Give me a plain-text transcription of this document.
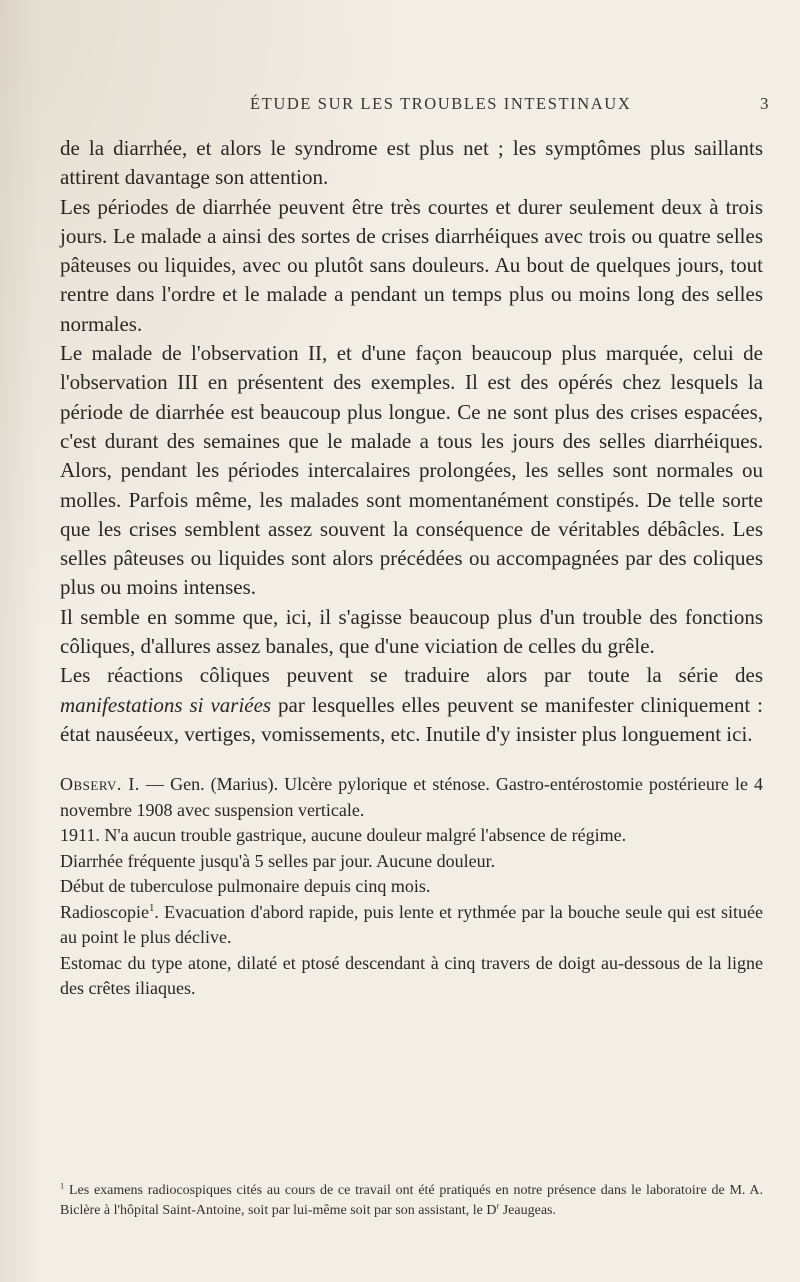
ÉTUDE SUR LES TROUBLES INTESTINAUX	3

de la diarrhée, et alors le syndrome est plus net ; les symptômes plus saillants attirent davantage son attention.

Les périodes de diarrhée peuvent être très courtes et durer seulement deux à trois jours. Le malade a ainsi des sortes de crises diarrhéiques avec trois ou quatre selles pâteuses ou liquides, avec ou plutôt sans douleurs. Au bout de quelques jours, tout rentre dans l'ordre et le malade a pendant un temps plus ou moins long des selles normales.

Le malade de l'observation II, et d'une façon beaucoup plus marquée, celui de l'observation III en présentent des exemples. Il est des opérés chez lesquels la période de diarrhée est beaucoup plus longue. Ce ne sont plus des crises espacées, c'est durant des semaines que le malade a tous les jours des selles diarrhéiques. Alors, pendant les périodes intercalaires prolongées, les selles sont normales ou molles. Parfois même, les malades sont momentanément constipés. De telle sorte que les crises semblent assez souvent la conséquence de véritables débâcles. Les selles pâteuses ou liquides sont alors précédées ou accompagnées par des coliques plus ou moins intenses.

Il semble en somme que, ici, il s'agisse beaucoup plus d'un trouble des fonctions côliques, d'allures assez banales, que d'une viciation de celles du grêle.

Les réactions côliques peuvent se traduire alors par toute la série des manifestations si variées par lesquelles elles peuvent se manifester cliniquement : état nauséeux, vertiges, vomissements, etc. Inutile d'y insister plus longuement ici.

Observ. I. — Gen. (Marius). Ulcère pylorique et sténose. Gastro-entérostomie postérieure le 4 novembre 1908 avec suspension verticale.

1911. N'a aucun trouble gastrique, aucune douleur malgré l'absence de régime.

Diarrhée fréquente jusqu'à 5 selles par jour. Aucune douleur.

Début de tuberculose pulmonaire depuis cinq mois.

Radioscopie$^1$. Evacuation d'abord rapide, puis lente et rythmée par la bouche seule qui est située au point le plus déclive.

Estomac du type atone, dilaté et ptosé descendant à cinq travers de doigt au-dessous de la ligne des crêtes iliaques.

$^1$ Les examens radiocospiques cités au cours de ce travail ont été pratiqués en notre présence dans le laboratoire de M. A. Biclère à l'hôpital Saint-Antoine, soit par lui-même soit par son assistant, le $D^r$ Jeaugeas.
